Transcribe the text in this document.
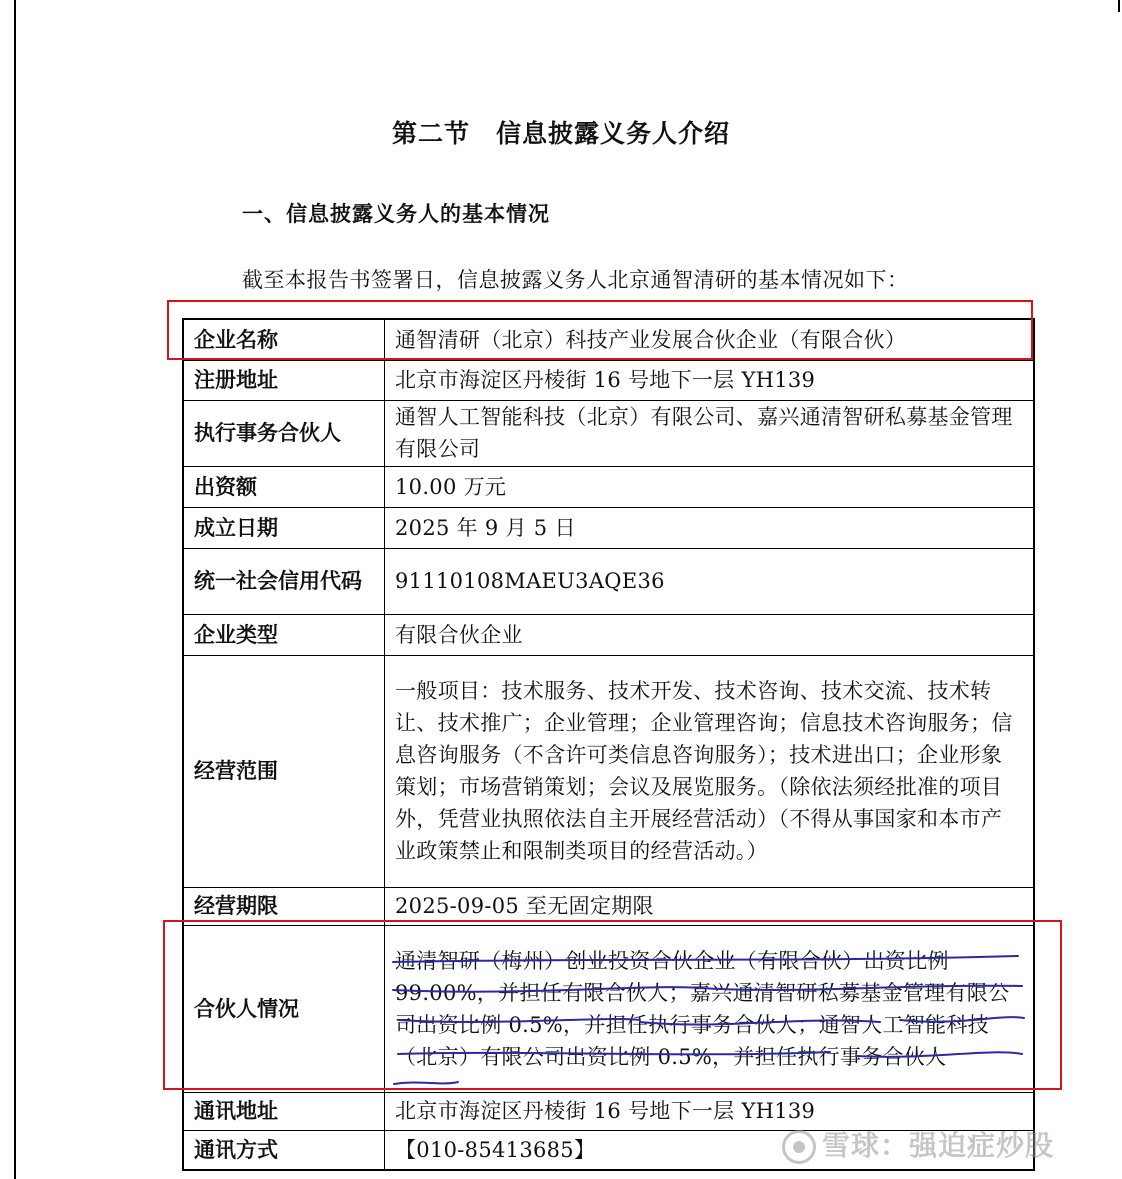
第二节　信息披露义务人介绍
一、信息披露义务人的基本情况
截至本报告书签署日，信息披露义务人北京通智清研的基本情况如下：
企业名称	通智清研（北京）科技产业发展合伙企业（有限合伙）
注册地址	北京市海淀区丹棱街 16 号地下一层 YH139
执行事务合伙人	通智人工智能科技（北京）有限公司、嘉兴通清智研私募基金管理有限公司
出资额	10.00 万元
成立日期	2025 年 9 月 5 日
统一社会信用代码	91110108MAEU3AQE36
企业类型	有限合伙企业
经营范围	一般项目：技术服务、技术开发、技术咨询、技术交流、技术转让、技术推广；企业管理；企业管理咨询；信息技术咨询服务；信息咨询服务（不含许可类信息咨询服务）；技术进出口；企业形象策划；市场营销策划；会议及展览服务。（除依法须经批准的项目外，凭营业执照依法自主开展经营活动）（不得从事国家和本市产业政策禁止和限制类项目的经营活动。）
经营期限	2025-09-05 至无固定期限
合伙人情况	通清智研（梅州）创业投资合伙企业（有限合伙）出资比例 99.00%，并担任有限合伙人；嘉兴通清智研私募基金管理有限公司出资比例 0.5%，并担任执行事务合伙人；通智人工智能科技（北京）有限公司出资比例 0.5%，并担任执行事务合伙人
通讯地址	北京市海淀区丹棱街 16 号地下一层 YH139
通讯方式	【010-85413685】	雪球：强迫症炒股
